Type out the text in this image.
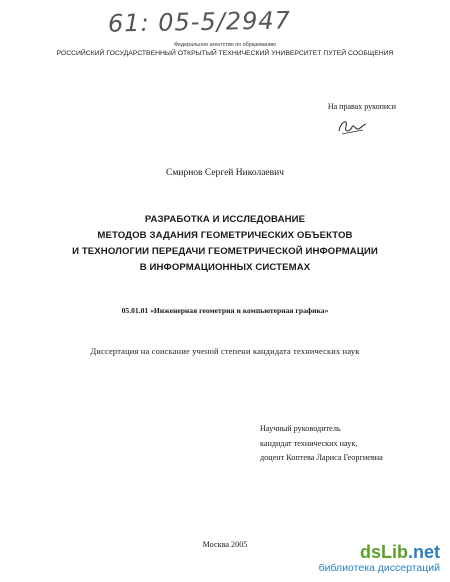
61: 05-5/2947
Федеральное агентство по образованию
РОССИЙСКИЙ ГОСУДАРСТВЕННЫЙ ОТКРЫТЫЙ ТЕХНИЧЕСКИЙ УНИВЕРСИТЕТ ПУТЕЙ СООБЩЕНИЯ
На правах рукописи
Смирнов Сергей Николаевич
РАЗРАБОТКА И ИССЛЕДОВАНИЕ
МЕТОДОВ ЗАДАНИЯ ГЕОМЕТРИЧЕСКИХ ОБЪЕКТОВ
И ТЕХНОЛОГИИ ПЕРЕДАЧИ ГЕОМЕТРИЧЕСКОЙ ИНФОРМАЦИИ
В ИНФОРМАЦИОННЫХ СИСТЕМАХ
05.01.01 «Инженерная геометрия и компьютерная графика»
Диссертация на соискание ученой степени кандидата технических наук
Научный руководитель
кандидат технических наук,
доцент Коптева Лариса Георгиевна
Москва 2005	dsLib.net
библиотека диссертаций
